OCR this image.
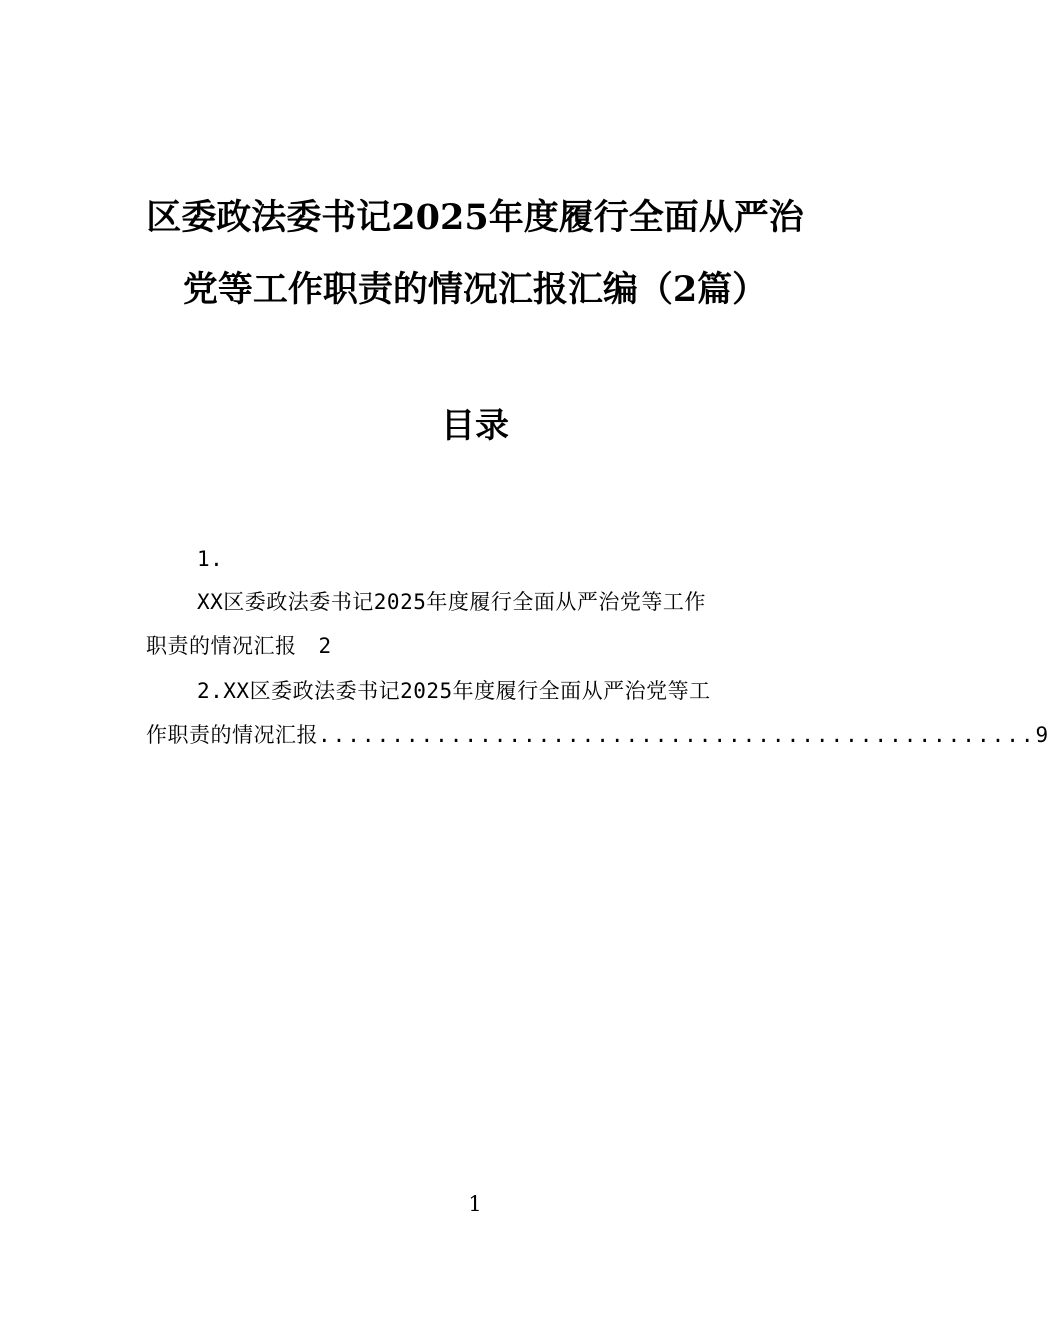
区委政法委书记2025年度履行全面从严治
党等工作职责的情况汇报汇编（2篇）
目录
1.
XX区委政法委书记2025年度履行全面从严治党等工作
职责的情况汇报 2
2.XX区委政法委书记2025年度履行全面从严治党等工
作职责的情况汇报 ................................................. 9
1
